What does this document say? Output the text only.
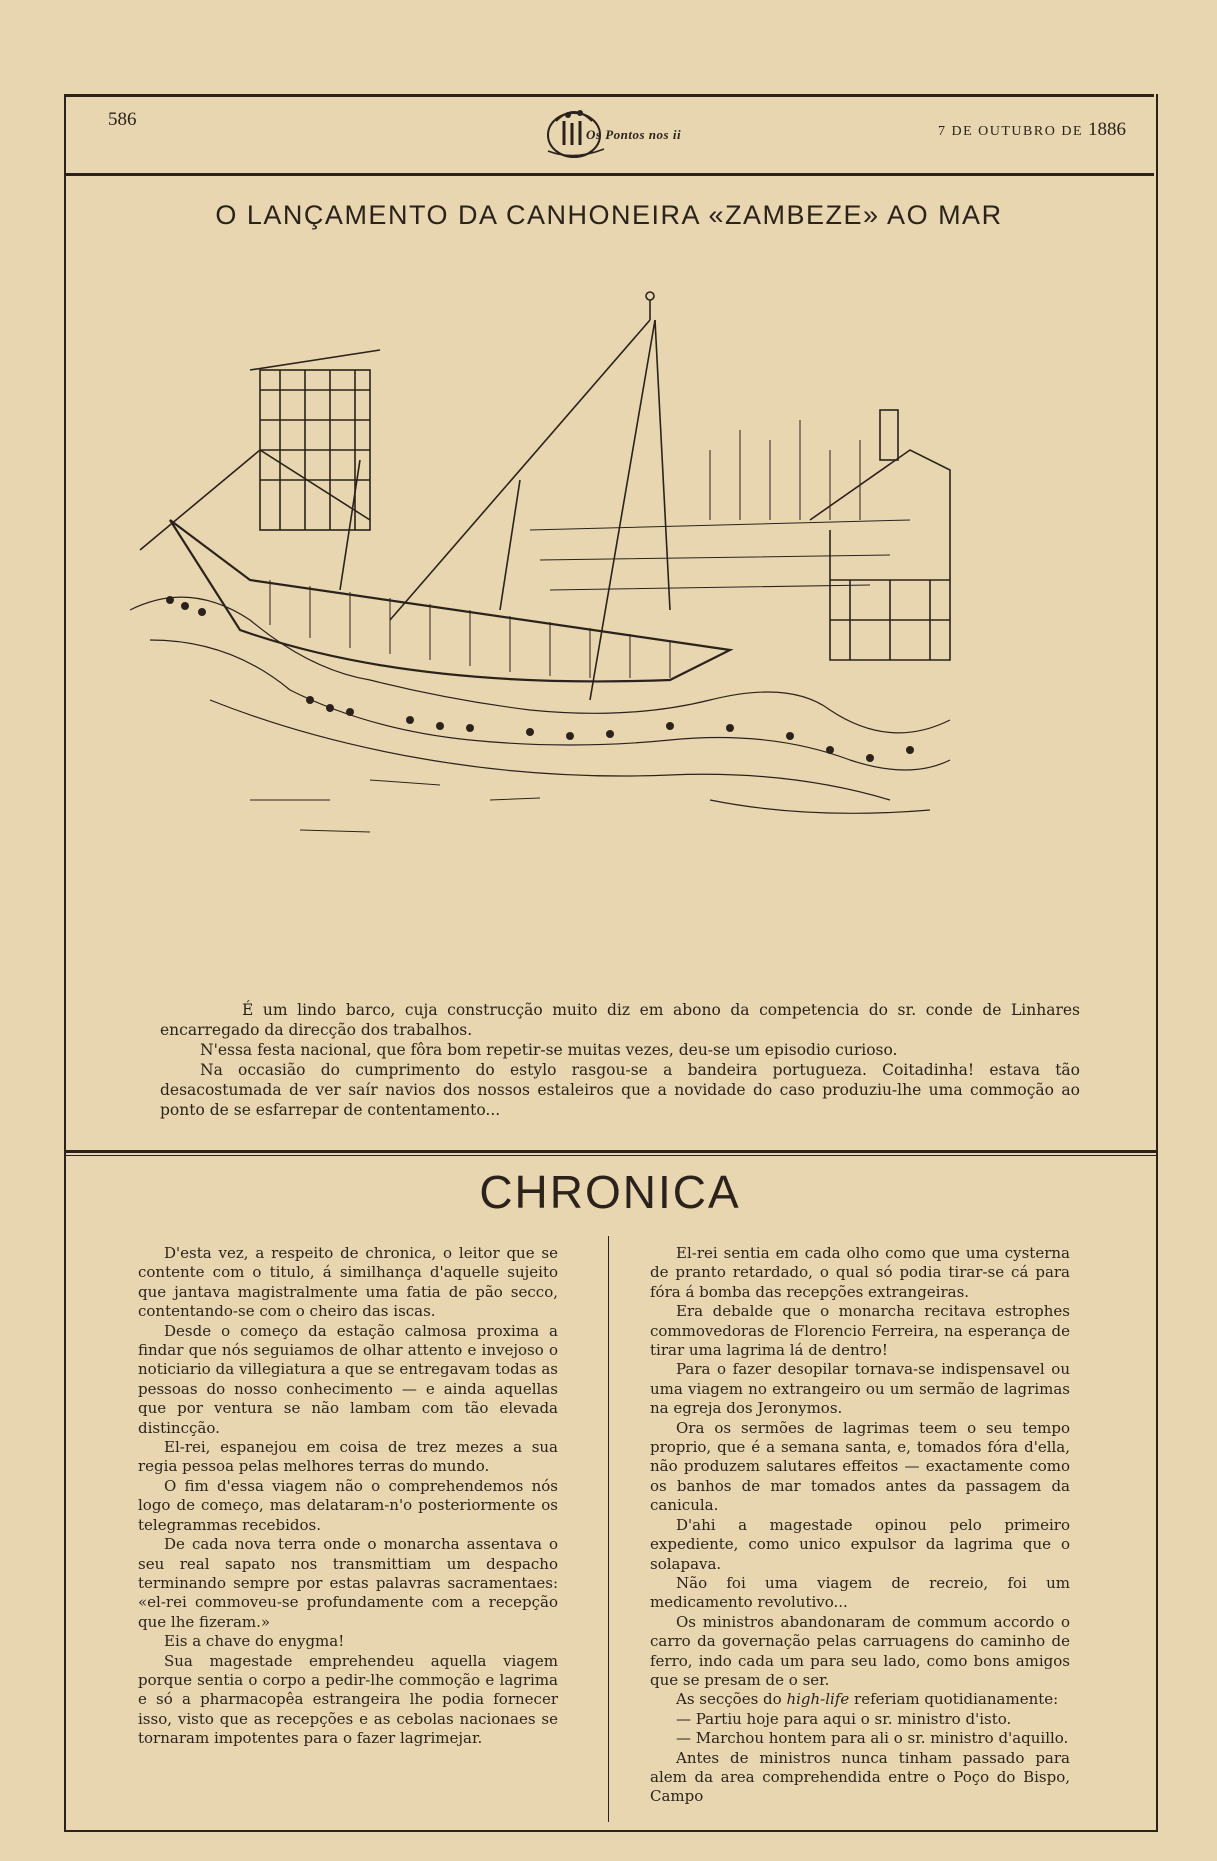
586
Os Pontos nos ii	7 DE OUTUBRO DE 1886
O LANÇAMENTO DA CANHONEIRA «ZAMBEZE» AO MAR

É um lindo barco, cuja construcção muito diz em abono da competencia do sr. conde de Linhares encarregado da direcção dos trabalhos.

N'essa festa nacional, que fôra bom repetir-se muitas vezes, deu-se um episodio curioso.

Na occasião do cumprimento do estylo rasgou-se a bandeira portugueza. Coitadinha! estava tão desacostumada de ver saír navios dos nossos estaleiros que a novidade do caso produziu-lhe uma commoção ao ponto de se esfarrepar de contentamento...

CHRONICA

D'esta vez, a respeito de chronica, o leitor que se contente com o titulo, á similhança d'aquelle sujeito que jantava magistralmente uma fatia de pão secco, contentando-se com o cheiro das iscas.

Desde o começo da estação calmosa proxima a findar que nós seguiamos de olhar attento e invejoso o noticiario da villegiatura a que se entregavam todas as pessoas do nosso conhecimento — e ainda aquellas que por ventura se não lambam com tão elevada distincção.

El-rei, espanejou em coisa de trez mezes a sua regia pessoa pelas melhores terras do mundo.

O fim d'essa viagem não o comprehendemos nós logo de começo, mas delataram-n'o posteriormente os telegrammas recebidos.

De cada nova terra onde o monarcha assentava o seu real sapato nos transmittiam um despacho terminando sempre por estas palavras sacramentaes: «el-rei commoveu-se profundamente com a recepção que lhe fizeram.»

Eis a chave do enygma!

Sua magestade emprehendeu aquella viagem porque sentia o corpo a pedir-lhe commoção e lagrima e só a pharmacopêa estrangeira lhe podia fornecer isso, visto que as recepções e as cebolas nacionaes se tornaram impotentes para o fazer lagrimejar.

El-rei sentia em cada olho como que uma cysterna de pranto retardado, o qual só podia tirar-se cá para fóra á bomba das recepções extrangeiras.

Era debalde que o monarcha recitava estrophes commovedoras de Florencio Ferreira, na esperança de tirar uma lagrima lá de dentro!

Para o fazer desopilar tornava-se indispensavel ou uma viagem no extrangeiro ou um sermão de lagrimas na egreja dos Jeronymos.

Ora os sermões de lagrimas teem o seu tempo proprio, que é a semana santa, e, tomados fóra d'ella, não produzem salutares effeitos — exactamente como os banhos de mar tomados antes da passagem da canicula.

D'ahi a magestade opinou pelo primeiro expediente, como unico expulsor da lagrima que o solapava.

Não foi uma viagem de recreio, foi um medicamento revolutivo...

Os ministros abandonaram de commum accordo o carro da governação pelas carruagens do caminho de ferro, indo cada um para seu lado, como bons amigos que se presam de o ser.

As secções do high-life referiam quotidianamente:

— Partiu hoje para aqui o sr. ministro d'isto.

— Marchou hontem para ali o sr. ministro d'aquillo.

Antes de ministros nunca tinham passado para alem da area comprehendida entre o Poço do Bispo, Campo
